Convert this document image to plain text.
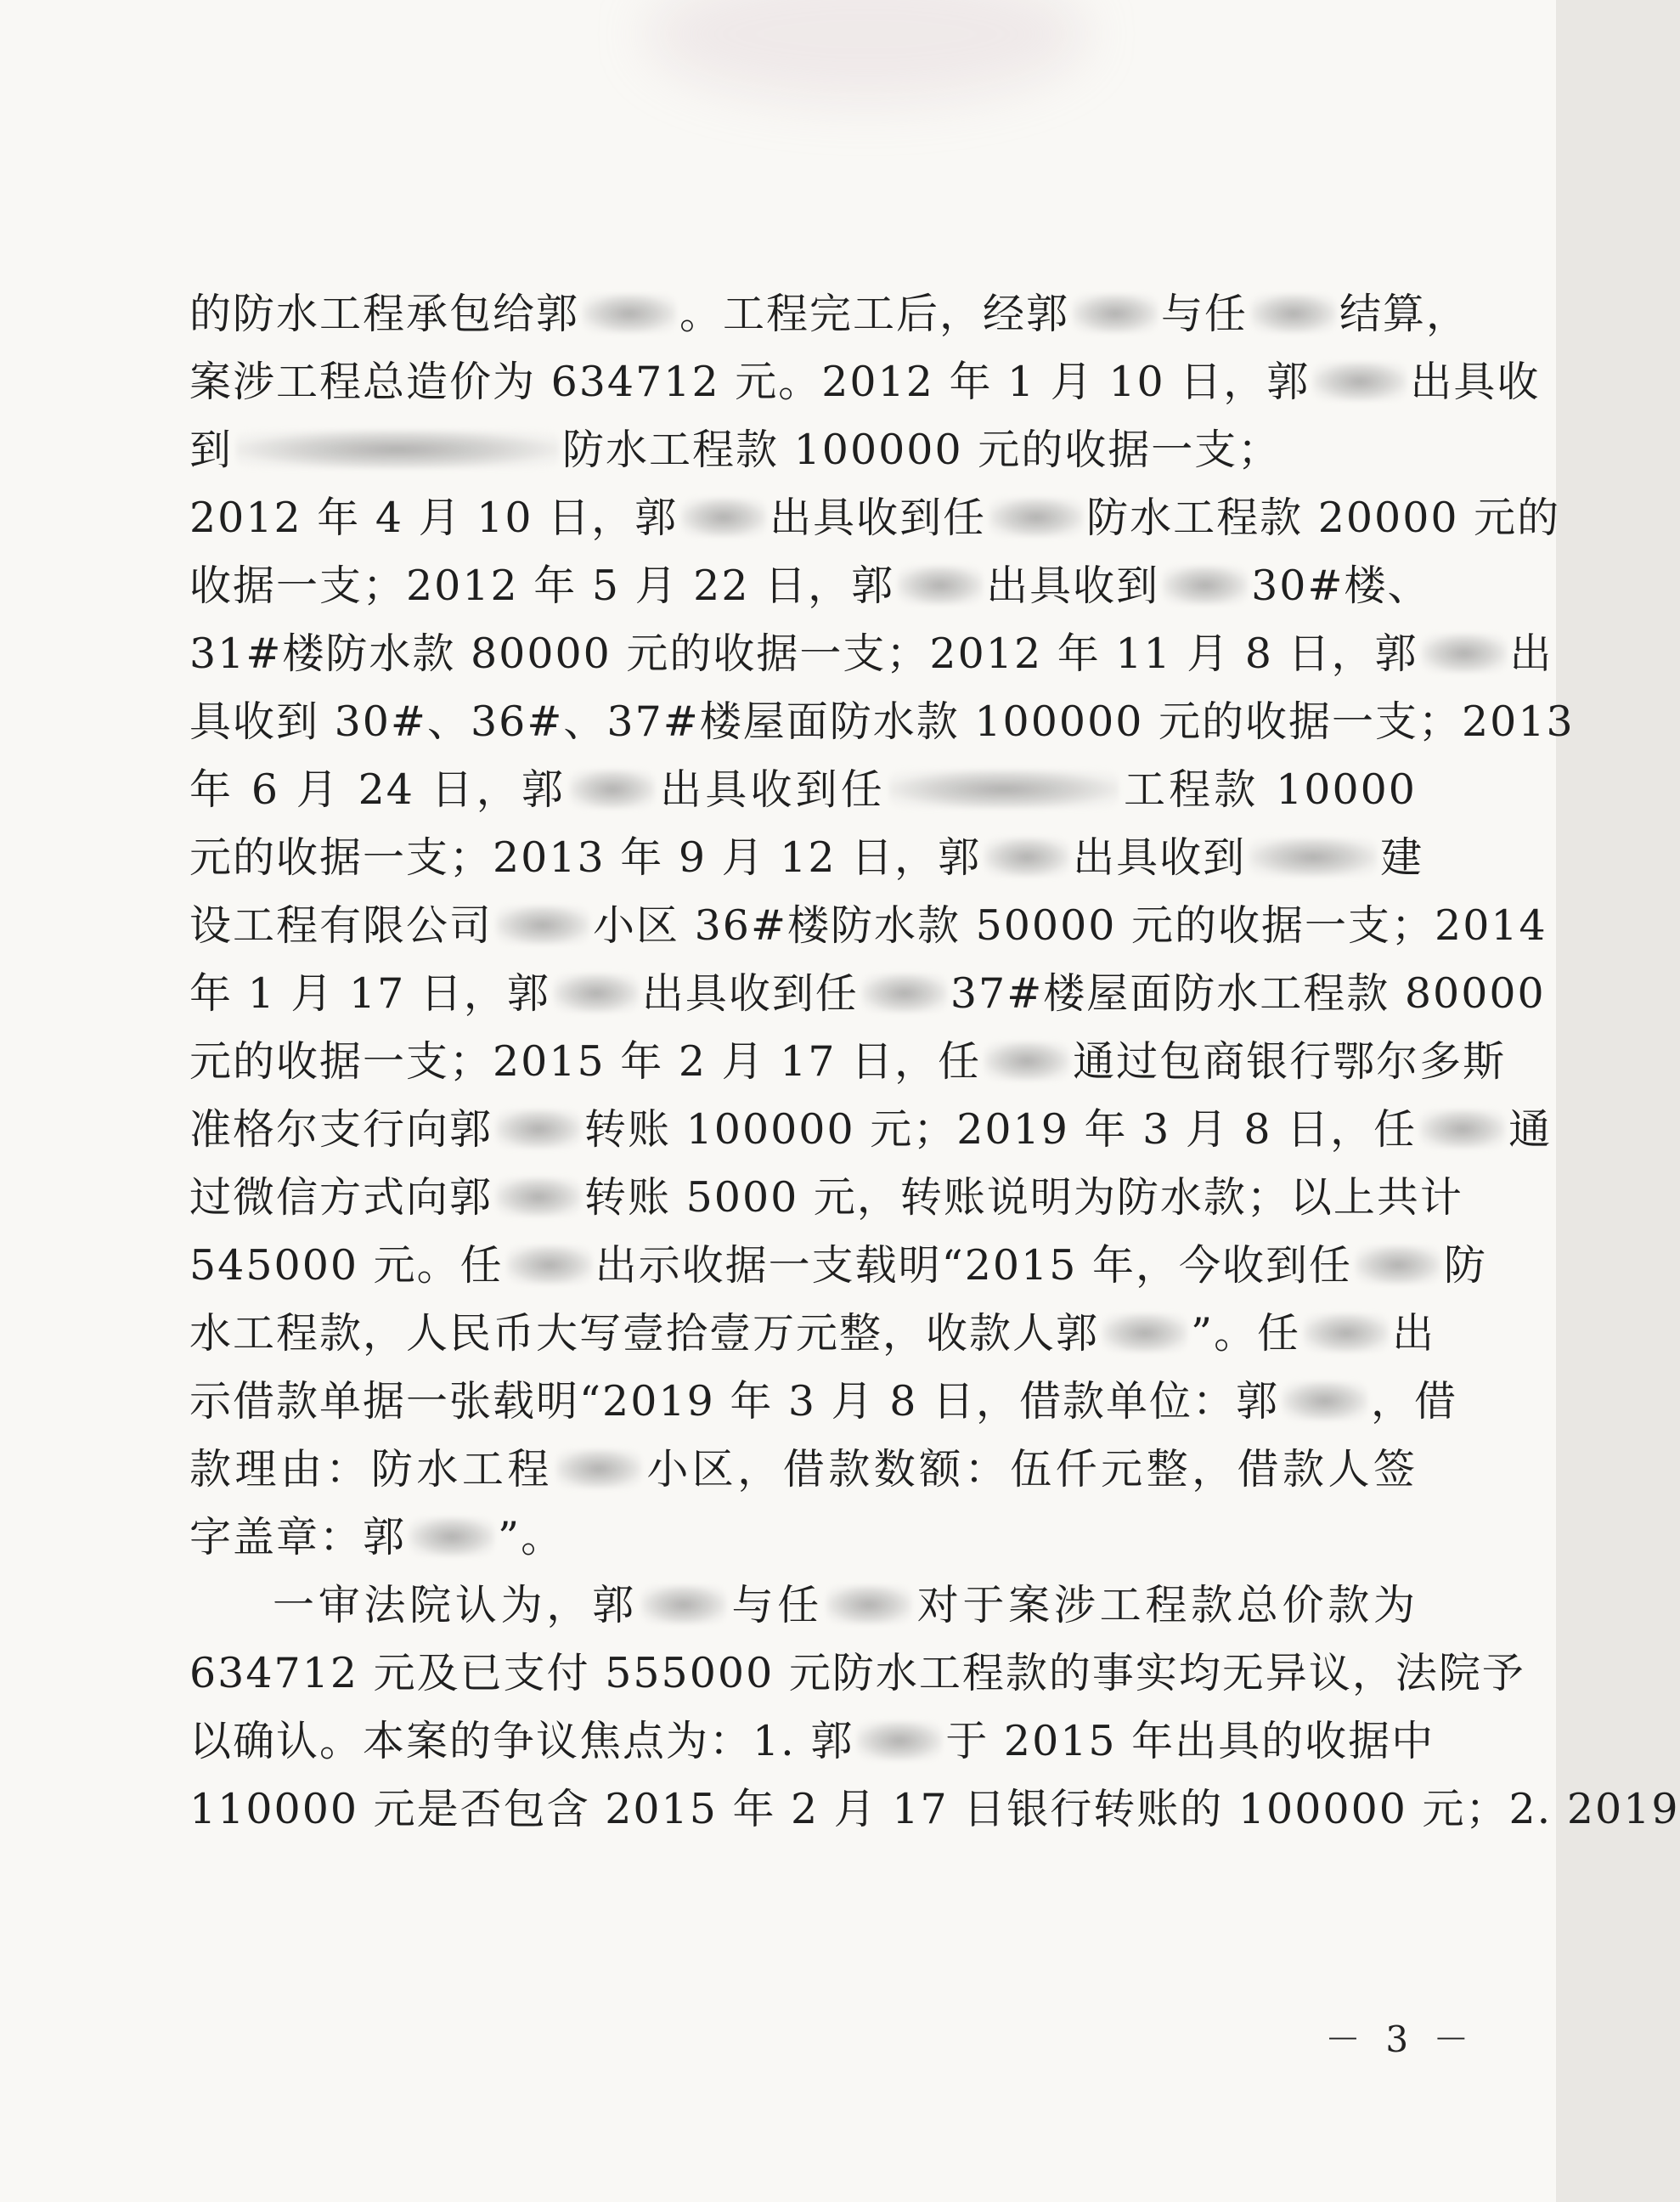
的防水工程承包给郭 。工程完工后，经郭 与任 结算，

案涉工程总造价为 634712 元。2012 年 1 月 10 日，郭 出具收

到	防水工程款 100000 元的收据一支；

2012 年 4 月 10 日，郭 出具收到任 防水工程款 20000 元的

收据一支；2012 年 5 月 22 日，郭 出具收到 30#楼、

31#楼防水款 80000 元的收据一支；2012 年 11 月 8 日，郭 出

具收到 30#、36#、37#楼屋面防水款 100000 元的收据一支；2013

年 6 月 24 日，郭 出具收到任	工程款 10000

元的收据一支；2013 年 9 月 12 日，郭 出具收到	建

设工程有限公司 小区 36#楼防水款 50000 元的收据一支；2014

年 1 月 17 日，郭 出具收到任 37#楼屋面防水工程款 80000

元的收据一支；2015 年 2 月 17 日，任 通过包商银行鄂尔多斯

准格尔支行向郭 转账 100000 元；2019 年 3 月 8 日，任 通

过微信方式向郭 转账 5000 元，转账说明为防水款；以上共计

545000 元。任 出示收据一支载明“2015 年，今收到任 防

水工程款，人民币大写壹拾壹万元整，收款人郭 ”。任 出

示借款单据一张载明“2019 年 3 月 8 日，借款单位：郭 ，借

款理由：防水工程 小区，借款数额：伍仟元整，借款人签

字盖章：郭 ”。

一审法院认为，郭 与任 对于案涉工程款总价款为

634712 元及已支付 555000 元防水工程款的事实均无异议，法院予

以确认。本案的争议焦点为：1. 郭 于 2015 年出具的收据中

110000 元是否包含 2015 年 2 月 17 日银行转账的 100000 元；2. 2019

－ 3 －
